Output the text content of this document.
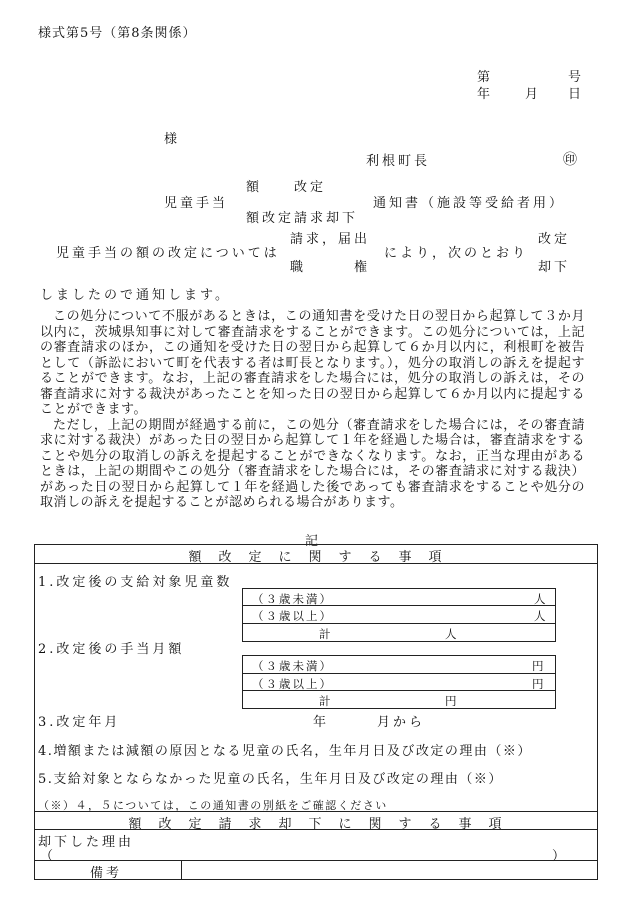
様式第5号（第8条関係）
第	号
年	月 日
様
利根町長	㊞
額　　改定
児童手当	通知書（施設等受給者用）
額改定請求却下
請求，届出	改定
児童手当の額の改定については	により，次のとおり
職　　　権	却下
しましたので通知します。

この処分について不服があるときは，この通知書を受けた日の翌日から起算して３か月以内に，茨城県知事に対して審査請求をすることができます。この処分については，上記の審査請求のほか，この通知を受けた日の翌日から起算して６か月以内に，利根町を被告として（訴訟において町を代表する者は町長となります。），処分の取消しの訴えを提起することができます。なお，上記の審査請求をした場合には，処分の取消しの訴えは，その審査請求に対する裁決があったことを知った日の翌日から起算して６か月以内に提起することができます。

ただし，上記の期間が経過する前に，この処分（審査請求をした場合には，その審査請求に対する裁決）があった日の翌日から起算して１年を経過した場合は，審査請求をすることや処分の取消しの訴えを提起することができなくなります。なお，正当な理由があるときは，上記の期間やこの処分（審査請求をした場合には，その審査請求に対する裁決）があった日の翌日から起算して１年を経過した後であっても審査請求をすることや処分の取消しの訴えを提起することが認められる場合があります。

記
額　改　定　に　関　す　る　事　項
1.改定後の支給対象児童数
（３歳未満）	人
（３歳以上）	人
計	人
2.改定後の手当月額
（３歳未満）	円
（３歳以上）	円
計	円
3.改定年月	年　　　月から
4.増額または減額の原因となる児童の氏名，生年月日及び改定の理由（※）
5.支給対象とならなかった児童の氏名，生年月日及び改定の理由（※）
（※）４，５については，この通知書の別紙をご確認ください
額　改　定　請　求　却　下　に　関　す　る　事　項
却下した理由
（	）
備考
